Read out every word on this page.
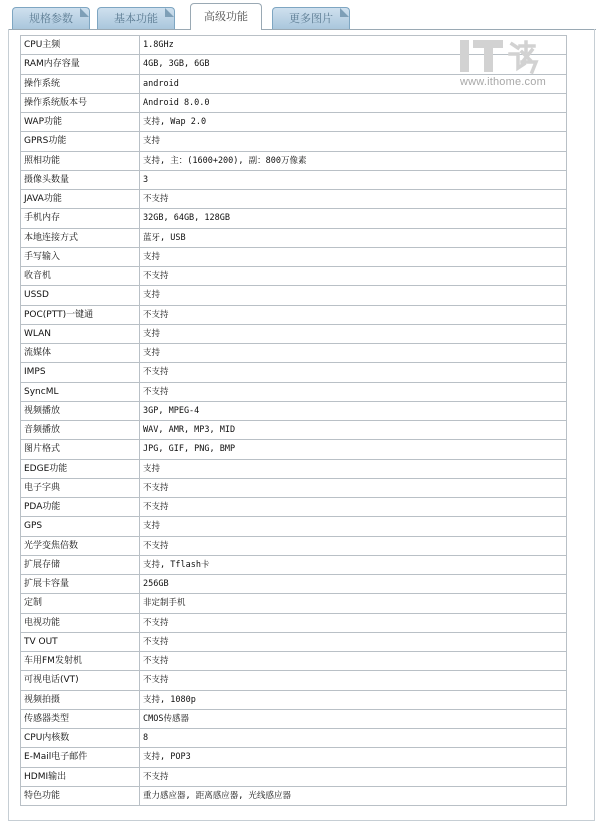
规格参数	基本功能	高级功能	更多图片
CPU主频	1.8GHz
RAM内存容量	4GB, 3GB, 6GB
操作系统	android
操作系统版本号	Android 8.0.0
WAP功能	支持, Wap 2.0
GPRS功能	支持
照相功能	支持, 主：(1600+200), 副：800万像素
摄像头数量	3
JAVA功能	不支持
手机内存	32GB, 64GB, 128GB
本地连接方式	蓝牙, USB
手写输入	支持
收音机	不支持
USSD	支持
POC(PTT)一键通	不支持
WLAN	支持
流媒体	支持
IMPS	不支持
SyncML	不支持
视频播放	3GP, MPEG-4
音频播放	WAV, AMR, MP3, MID
图片格式	JPG, GIF, PNG, BMP
EDGE功能	支持
电子字典	不支持
PDA功能	不支持
GPS	支持
光学变焦倍数	不支持
扩展存储	支持, Tflash卡
扩展卡容量	256GB
定制	非定制手机
电视功能	不支持
TV OUT	不支持
车用FM发射机	不支持
可视电话(VT)	不支持
视频拍摄	支持, 1080p
传感器类型	CMOS传感器
CPU内核数	8
E-Mail电子邮件	支持, POP3
HDMI输出	不支持
特色功能	重力感应器, 距离感应器, 光线感应器
www.ithome.com
